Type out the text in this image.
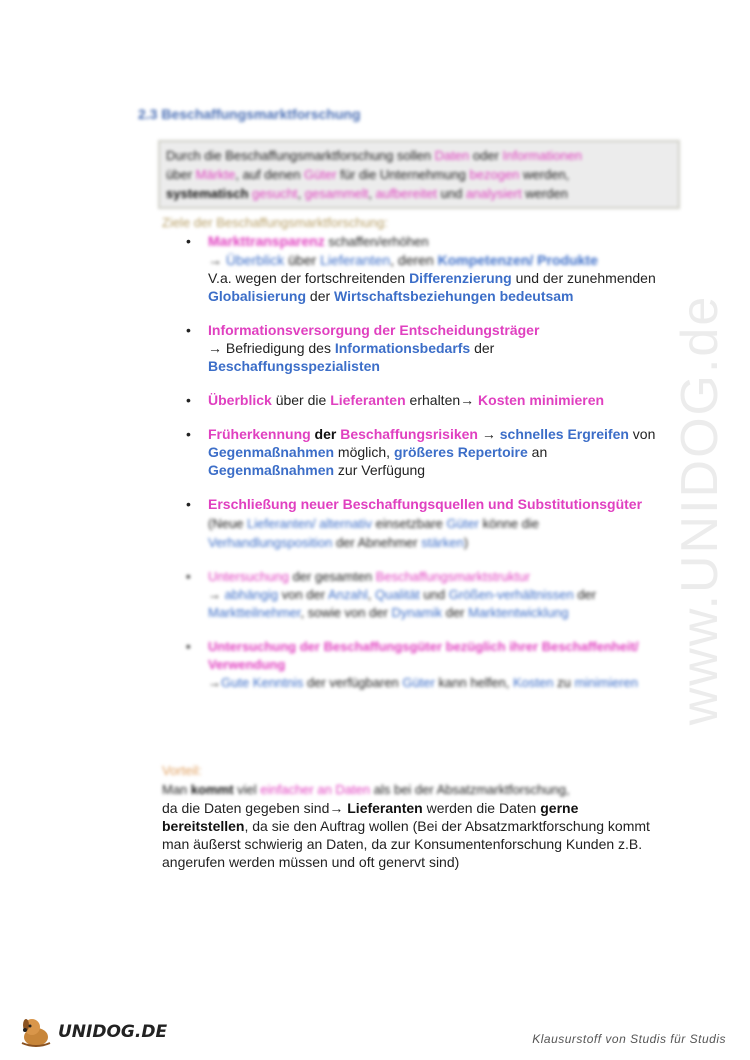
2.3 Beschaffungsmarktforschung
Durch die Beschaffungsmarktforschung sollen Daten oder Informationen
über Märkte, auf denen Güter für die Unternehmung bezogen werden,
systematisch gesucht, gesammelt, aufbereitet und analysiert werden
Ziele der Beschaffungsmarktforschung:
• Markttransparenz schaffen/erhöhen
→ Überblick über Lieferanten, deren Kompetenzen/ Produkte
V.a. wegen der fortschreitenden Differenzierung und der zunehmenden Globalisierung der Wirtschaftsbeziehungen bedeutsam
• Informationsversorgung der Entscheidungsträger
→ Befriedigung des Informationsbedarfs der
Beschaffungsspezialisten
• Überblick über die Lieferanten erhalten→ Kosten minimieren
• Früherkennung der Beschaffungsrisiken → schnelles Ergreifen von Gegenmaßnahmen möglich, größeres Repertoire an Gegenmaßnahmen zur Verfügung
• Erschließung neuer Beschaffungsquellen und Substitutionsgüter (Neue Lieferanten/ alternativ einsetzbare Güter könne die Verhandlungsposition der Abnehmer stärken)
• Untersuchung der gesamten Beschaffungsmarktstruktur
→ abhängig von der Anzahl, Qualität und Größen-verhältnissen der Marktteilnehmer, sowie von der Dynamik der Marktentwicklung
• Untersuchung der Beschaffungsgüter bezüglich ihrer Beschaffenheit/ Verwendung
→Gute Kenntnis der verfügbaren Güter kann helfen, Kosten zu minimieren
Vorteil:
Man kommt viel einfacher an Daten als bei der Absatzmarktforschung,
da die Daten gegeben sind→ Lieferanten werden die Daten gerne bereitstellen, da sie den Auftrag wollen (Bei der Absatzmarktforschung kommt man äußerst schwierig an Daten, da zur Konsumentenforschung Kunden z.B. angerufen werden müssen und oft genervt sind)
www.UNIDOG.de
UNIDOG.DE	Klausurstoff von Studis für Studis
